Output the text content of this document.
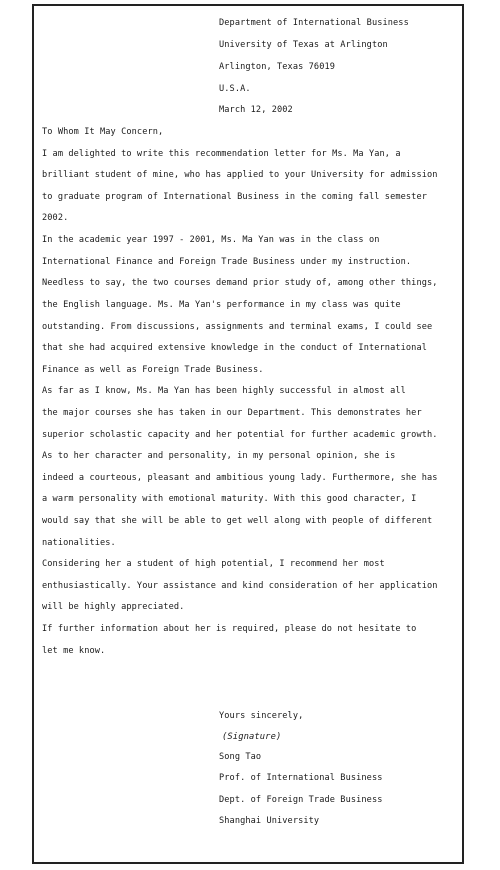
Department of International Business
University of Texas at Arlington
Arlington, Texas 76019
U.S.A.
March 12, 2002
To Whom It May Concern,
I am delighted to write this recommendation letter for Ms. Ma Yan, a
brilliant student of mine, who has applied to your University for admission
to graduate program of International Business in the coming fall semester
2002.
In the academic year 1997 - 2001, Ms. Ma Yan was in the class on
International Finance and Foreign Trade Business under my instruction.
Needless to say, the two courses demand prior study of, among other things,
the English language. Ms. Ma Yan's performance in my class was quite
outstanding. From discussions, assignments and terminal exams, I could see
that she had acquired extensive knowledge in the conduct of International
Finance as well as Foreign Trade Business.
As far as I know, Ms. Ma Yan has been highly successful in almost all
the major courses she has taken in our Department. This demonstrates her
superior scholastic capacity and her potential for further academic growth.
As to her character and personality, in my personal opinion, she is
indeed a courteous, pleasant and ambitious young lady. Furthermore, she has
a warm personality with emotional maturity. With this good character, I
would say that she will be able to get well along with people of different
nationalities.
Considering her a student of high potential, I recommend her most
enthusiastically. Your assistance and kind consideration of her application
will be highly appreciated.
If further information about her is required, please do not hesitate to
let me know.
Yours sincerely,
(Signature)
Song Tao
Prof. of International Business
Dept. of Foreign Trade Business
Shanghai University
